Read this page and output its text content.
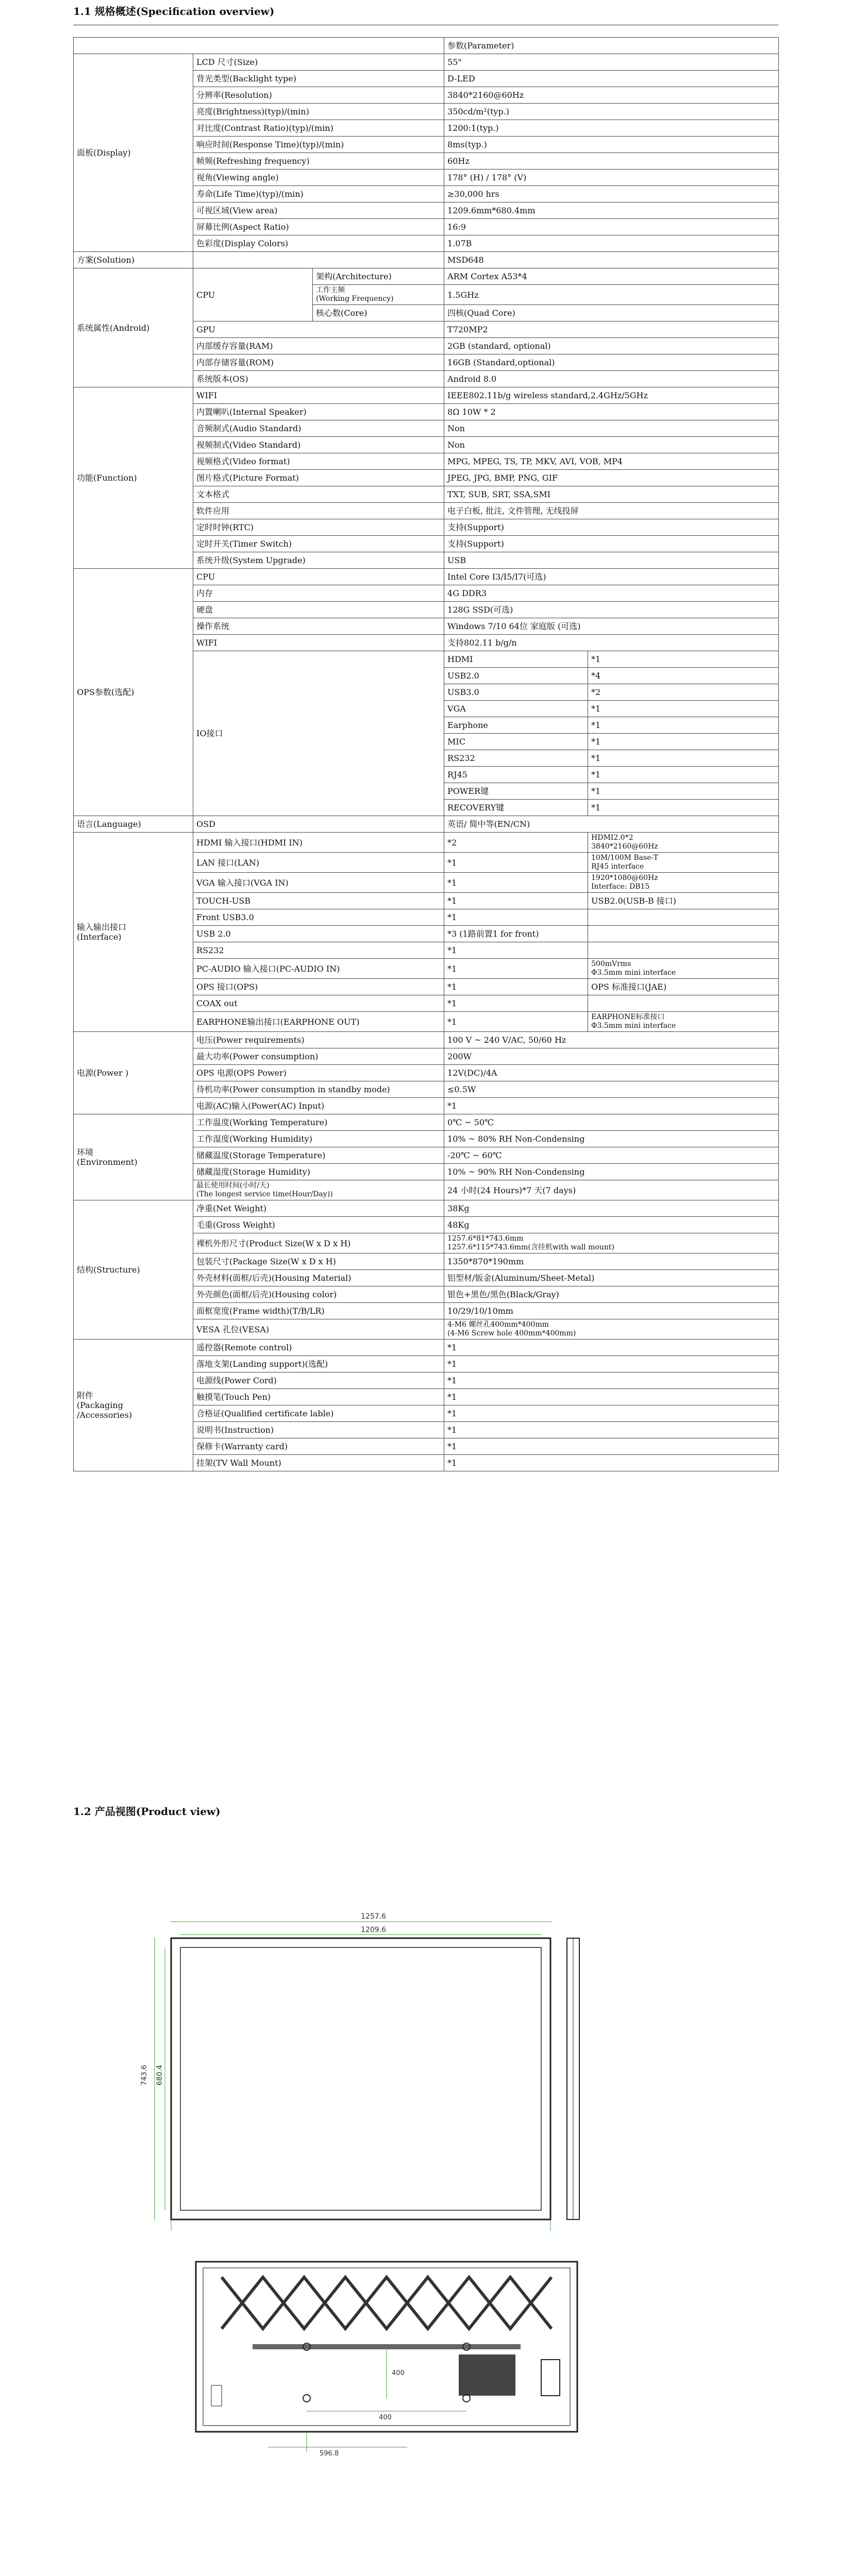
1.1 规格概述(Specification overview)
			参数(Parameter)	
面板(Display)	LCD 尺寸(Size)		55"	
	背光类型(Backlight type)		D-LED	
	分辨率(Resolution)		3840*2160@60Hz	
	亮度(Brightness)(typ)/(min)		350cd/m²(typ.)	
	对比度(Contrast Ratio)(typ)/(min)		1200:1(typ.)	
	响应时间(Response Time)(typ)/(min)		8ms(typ.)	
	帧频(Refreshing frequency)		60Hz	
	视角(Viewing angle)		178° (H) / 178° (V)	
	寿命(Life Time)(typ)/(min)		≥30,000 hrs	
	可视区域(View area)		1209.6mm*680.4mm	
	屏幕比例(Aspect Ratio)		16:9	
	色彩度(Display Colors)		1.07B	
方案(Solution)			MSD648	
系统属性(Android)	CPU	架构(Architecture)	ARM Cortex A53*4	
		工作主频
(Working Frequency)	1.5GHz	
		核心数(Core)	四核(Quad Core)	
	GPU		T720MP2	
	内部缓存容量(RAM)		2GB (standard, optional)	
	内部存储容量(ROM)		16GB (Standard,optional)	
	系统版本(OS)		Android 8.0	
功能(Function)	WIFI		IEEE802.11b/g wireless standard,2.4GHz/5GHz	
	内置喇叭(Internal Speaker)		8Ω 10W * 2	
	音频制式(Audio Standard)		Non	
	视频制式(Video Standard)		Non	
	视频格式(Video format)		MPG, MPEG, TS, TP, MKV, AVI, VOB, MP4	
	图片格式(Picture Format)		JPEG, JPG, BMP, PNG, GIF	
	文本格式		TXT, SUB, SRT, SSA,SMI	
	软件应用		电子白板, 批注, 文件管理, 无线投屏	
	定时时钟(RTC)		支持(Support)	
	定时开关(Timer Switch)		支持(Support)	
	系统升级(System Upgrade)		USB	
OPS参数(选配)	CPU		Intel Core I3/I5/I7(可选)	
	内存		4G DDR3	
	硬盘		128G SSD(可选)	
	操作系统		Windows 7/10 64位 家庭版 (可选)	
	WIFI		支持802.11 b/g/n	
	IO接口		HDMI	*1
			USB2.0	*4
			USB3.0	*2
			VGA	*1
			Earphone	*1
			MIC	*1
			RS232	*1
			RJ45	*1
			POWER键	*1
			RECOVERY键	*1
语言(Language)	OSD		英语/ 简中等(EN/CN)	
输入输出接口
(Interface)	HDMI 输入接口(HDMI IN)		*2	HDMI2.0*2
3840*2160@60Hz
	LAN 接口(LAN)		*1	10M/100M Base-T
RJ45 interface
	VGA 输入接口(VGA IN)		*1	1920*1080@60Hz
Interface: DB15
	TOUCH-USB		*1	USB2.0(USB-B 接口)
	Front USB3.0		*1	
	USB 2.0		*3 (1路前置1 for front)	
	RS232		*1	
	PC-AUDIO 输入接口(PC-AUDIO IN)		*1	500mVrms
Φ3.5mm mini interface
	OPS 接口(OPS)		*1	OPS 标准接口(JAE)
	COAX out		*1	
	EARPHONE输出接口(EARPHONE OUT)		*1	EARPHONE标准接口
Φ3.5mm mini interface
电源(Power )	电压(Power requirements)		100 V ~ 240 V/AC, 50/60 Hz	
	最大功率(Power consumption)		200W	
	OPS 电源(OPS Power)		12V(DC)/4A	
	待机功率(Power consumption in standby mode)		≤0.5W	
	电源(AC)输入(Power(AC) Input)		*1	
环境
(Environment)	工作温度(Working Temperature)		0℃ ~ 50℃	
	工作湿度(Working Humidity)		10% ~ 80% RH Non-Condensing	
	储藏温度(Storage Temperature)		-20℃ ~ 60℃	
	储藏湿度(Storage Humidity)		10% ~ 90% RH Non-Condensing	
	最长使用时间(小时/天)
(The longest service time(Hour/Day))		24 小时(24 Hours)*7 天(7 days)	
结构(Structure)	净重(Net Weight)		38Kg	
	毛重(Gross Weight)		48Kg	
	裸机外形尺寸(Product Size(W x D x H)		1257.6*81*743.6mm
1257.6*115*743.6mm(含挂机with wall mount)	
	包装尺寸(Package Size(W x D x H)		1350*870*190mm	
	外壳材料(面框/后壳)(Housing Material)		铝型材/钣金(Aluminum/Sheet-Metal)	
	外壳颜色(面框/后壳)(Housing color)		银色+黑色/黑色(Black/Gray)	
	面框宽度(Frame width)(T/B/LR)		10/29/10/10mm	
	VESA 孔位(VESA)		4-M6 螺丝孔400mm*400mm
(4-M6 Screw hole 400mm*400mm)	
附件
(Packaging
/Accessories)	遥控器(Remote control)		*1	
	落地支架(Landing support)(选配)		*1	
	电源线(Power Cord)		*1	
	触摸笔(Touch Pen)		*1	
	合格证(Qualified certificate lable)		*1	
	说明书(Instruction)		*1	
	保修卡(Warranty card)		*1	
	挂架(TV Wall Mount)		*1	
1.2 产品视图(Product view)
1257.6
1209.6
743.6 680.4
400
400
596.8
